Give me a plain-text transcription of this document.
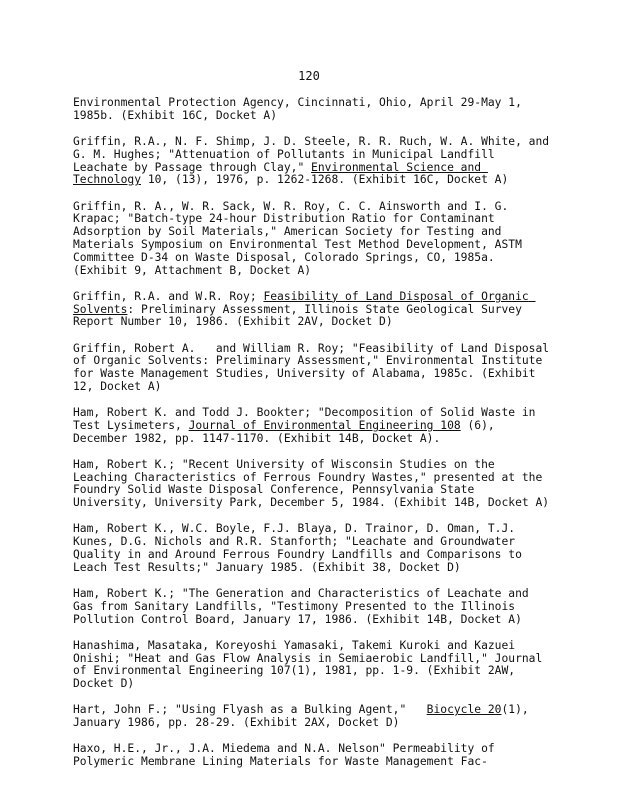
120

Environmental Protection Agency, Cincinnati, Ohio, April 29-May 1, 1985b. (Exhibit 16C, Docket A)

Griffin, R.A., N. F. Shimp, J. D. Steele, R. R. Ruch, W. A. White, and G. M. Hughes; "Attenuation of Pollutants in Municipal Landfill Leachate by Passage through Clay," Environmental Science and Technology 10, (13), 1976, p. 1262-1268. (Exhibit 16C, Docket A)

Griffin, R. A., W. R. Sack, W. R. Roy, C. C. Ainsworth and I. G. Krapac; "Batch-type 24-hour Distribution Ratio for Contaminant Adsorption by Soil Materials," American Society for Testing and Materials Symposium on Environmental Test Method Development, ASTM Committee D-34 on Waste Disposal, Colorado Springs, CO, 1985a. (Exhibit 9, Attachment B, Docket A)

Griffin, R.A. and W.R. Roy; Feasibility of Land Disposal of Organic Solvents: Preliminary Assessment, Illinois State Geological Survey Report Number 10, 1986. (Exhibit 2AV, Docket D)

Griffin, Robert A.   and William R. Roy; "Feasibility of Land Disposal of Organic Solvents: Preliminary Assessment," Environmental Institute for Waste Management Studies, University of Alabama, 1985c. (Exhibit 12, Docket A)

Ham, Robert K. and Todd J. Bookter; "Decomposition of Solid Waste in Test Lysimeters, Journal of Environmental Engineering 108 (6), December 1982, pp. 1147-1170. (Exhibit 14B, Docket A).

Ham, Robert K.; "Recent University of Wisconsin Studies on the Leaching Characteristics of Ferrous Foundry Wastes," presented at the Foundry Solid Waste Disposal Conference, Pennsylvania State University, University Park, December 5, 1984. (Exhibit 14B, Docket A)

Ham, Robert K., W.C. Boyle, F.J. Blaya, D. Trainor, D. Oman, T.J. Kunes, D.G. Nichols and R.R. Stanforth; "Leachate and Groundwater Quality in and Around Ferrous Foundry Landfills and Comparisons to Leach Test Results;" January 1985. (Exhibit 38, Docket D)

Ham, Robert K.; "The Generation and Characteristics of Leachate and Gas from Sanitary Landfills, "Testimony Presented to the Illinois Pollution Control Board, January 17, 1986. (Exhibit 14B, Docket A)

Hanashima, Masataka, Koreyoshi Yamasaki, Takemi Kuroki and Kazuei Onishi; "Heat and Gas Flow Analysis in Semiaerobic Landfill," Journal of Environmental Engineering 107(1), 1981, pp. 1-9. (Exhibit 2AW, Docket D)

Hart, John F.; "Using Flyash as a Bulking Agent,"   Biocycle 20(1), January 1986, pp. 28-29. (Exhibit 2AX, Docket D)

Haxo, H.E., Jr., J.A. Miedema and N.A. Nelson" Permeability of Polymeric Membrane Lining Materials for Waste Management Fac-
